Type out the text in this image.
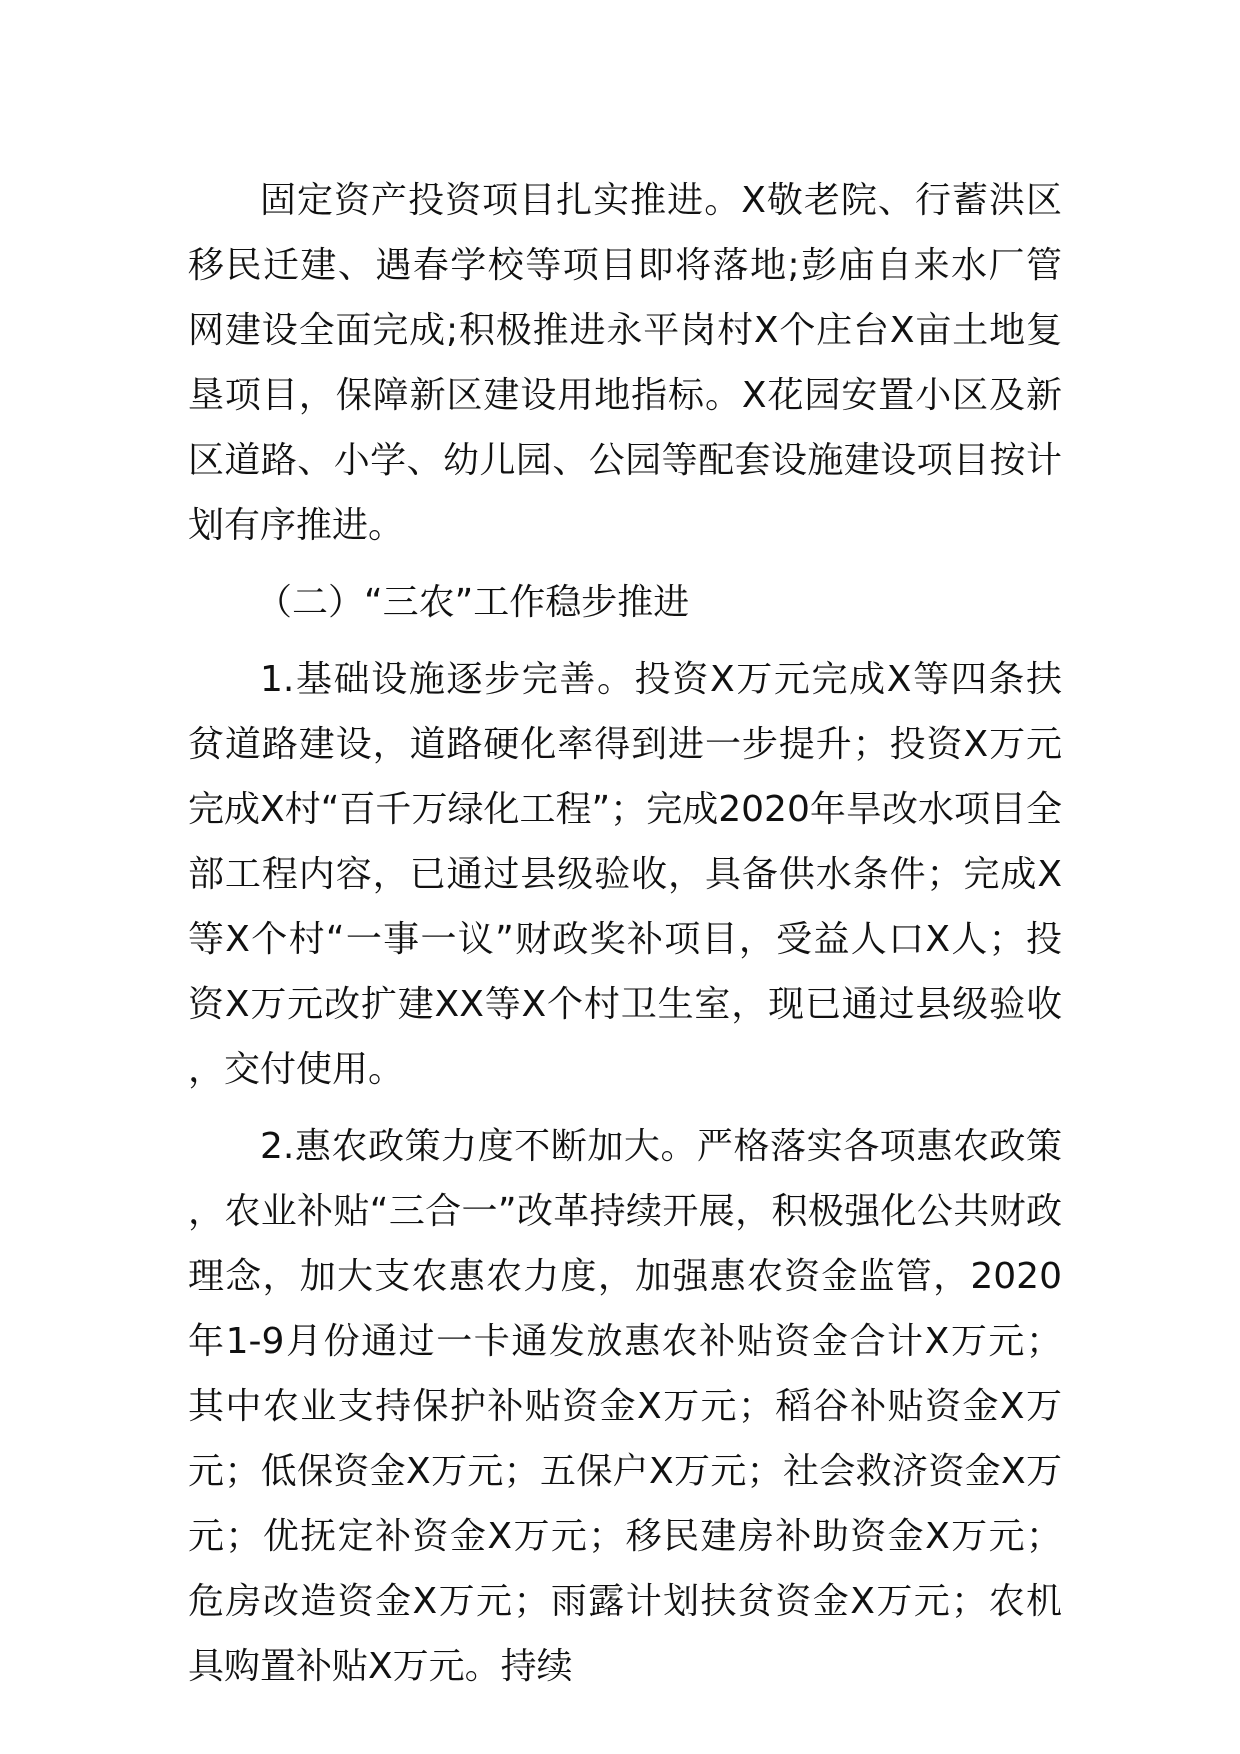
固定资产投资项目扎实推进。X敬老院、行蓄洪区移民迁建、遇春学校等项目即将落地;彭庙自来水厂管网建设全面完成;积极推进永平岗村X个庄台X亩土地复垦项目，保障新区建设用地指标。X花园安置小区及新区道路、小学、幼儿园、公园等配套设施建设项目按计划有序推进。

（二）“三农”工作稳步推进

1.基础设施逐步完善。投资X万元完成X等四条扶贫道路建设，道路硬化率得到进一步提升；投资X万元完成X村“百千万绿化工程”；完成2020年旱改水项目全部工程内容，已通过县级验收，具备供水条件；完成X等X个村“一事一议”财政奖补项目，受益人口X人；投资X万元改扩建XX等X个村卫生室，现已通过县级验收，交付使用。

2.惠农政策力度不断加大。严格落实各项惠农政策，农业补贴“三合一”改革持续开展，积极强化公共财政理念，加大支农惠农力度，加强惠农资金监管，2020年1-9月份通过一卡通发放惠农补贴资金合计X万元；其中农业支持保护补贴资金X万元；稻谷补贴资金X万元；低保资金X万元；五保户X万元；社会救济资金X万元；优抚定补资金X万元；移民建房补助资金X万元；危房改造资金X万元；雨露计划扶贫资金X万元；农机具购置补贴X万元。持续
